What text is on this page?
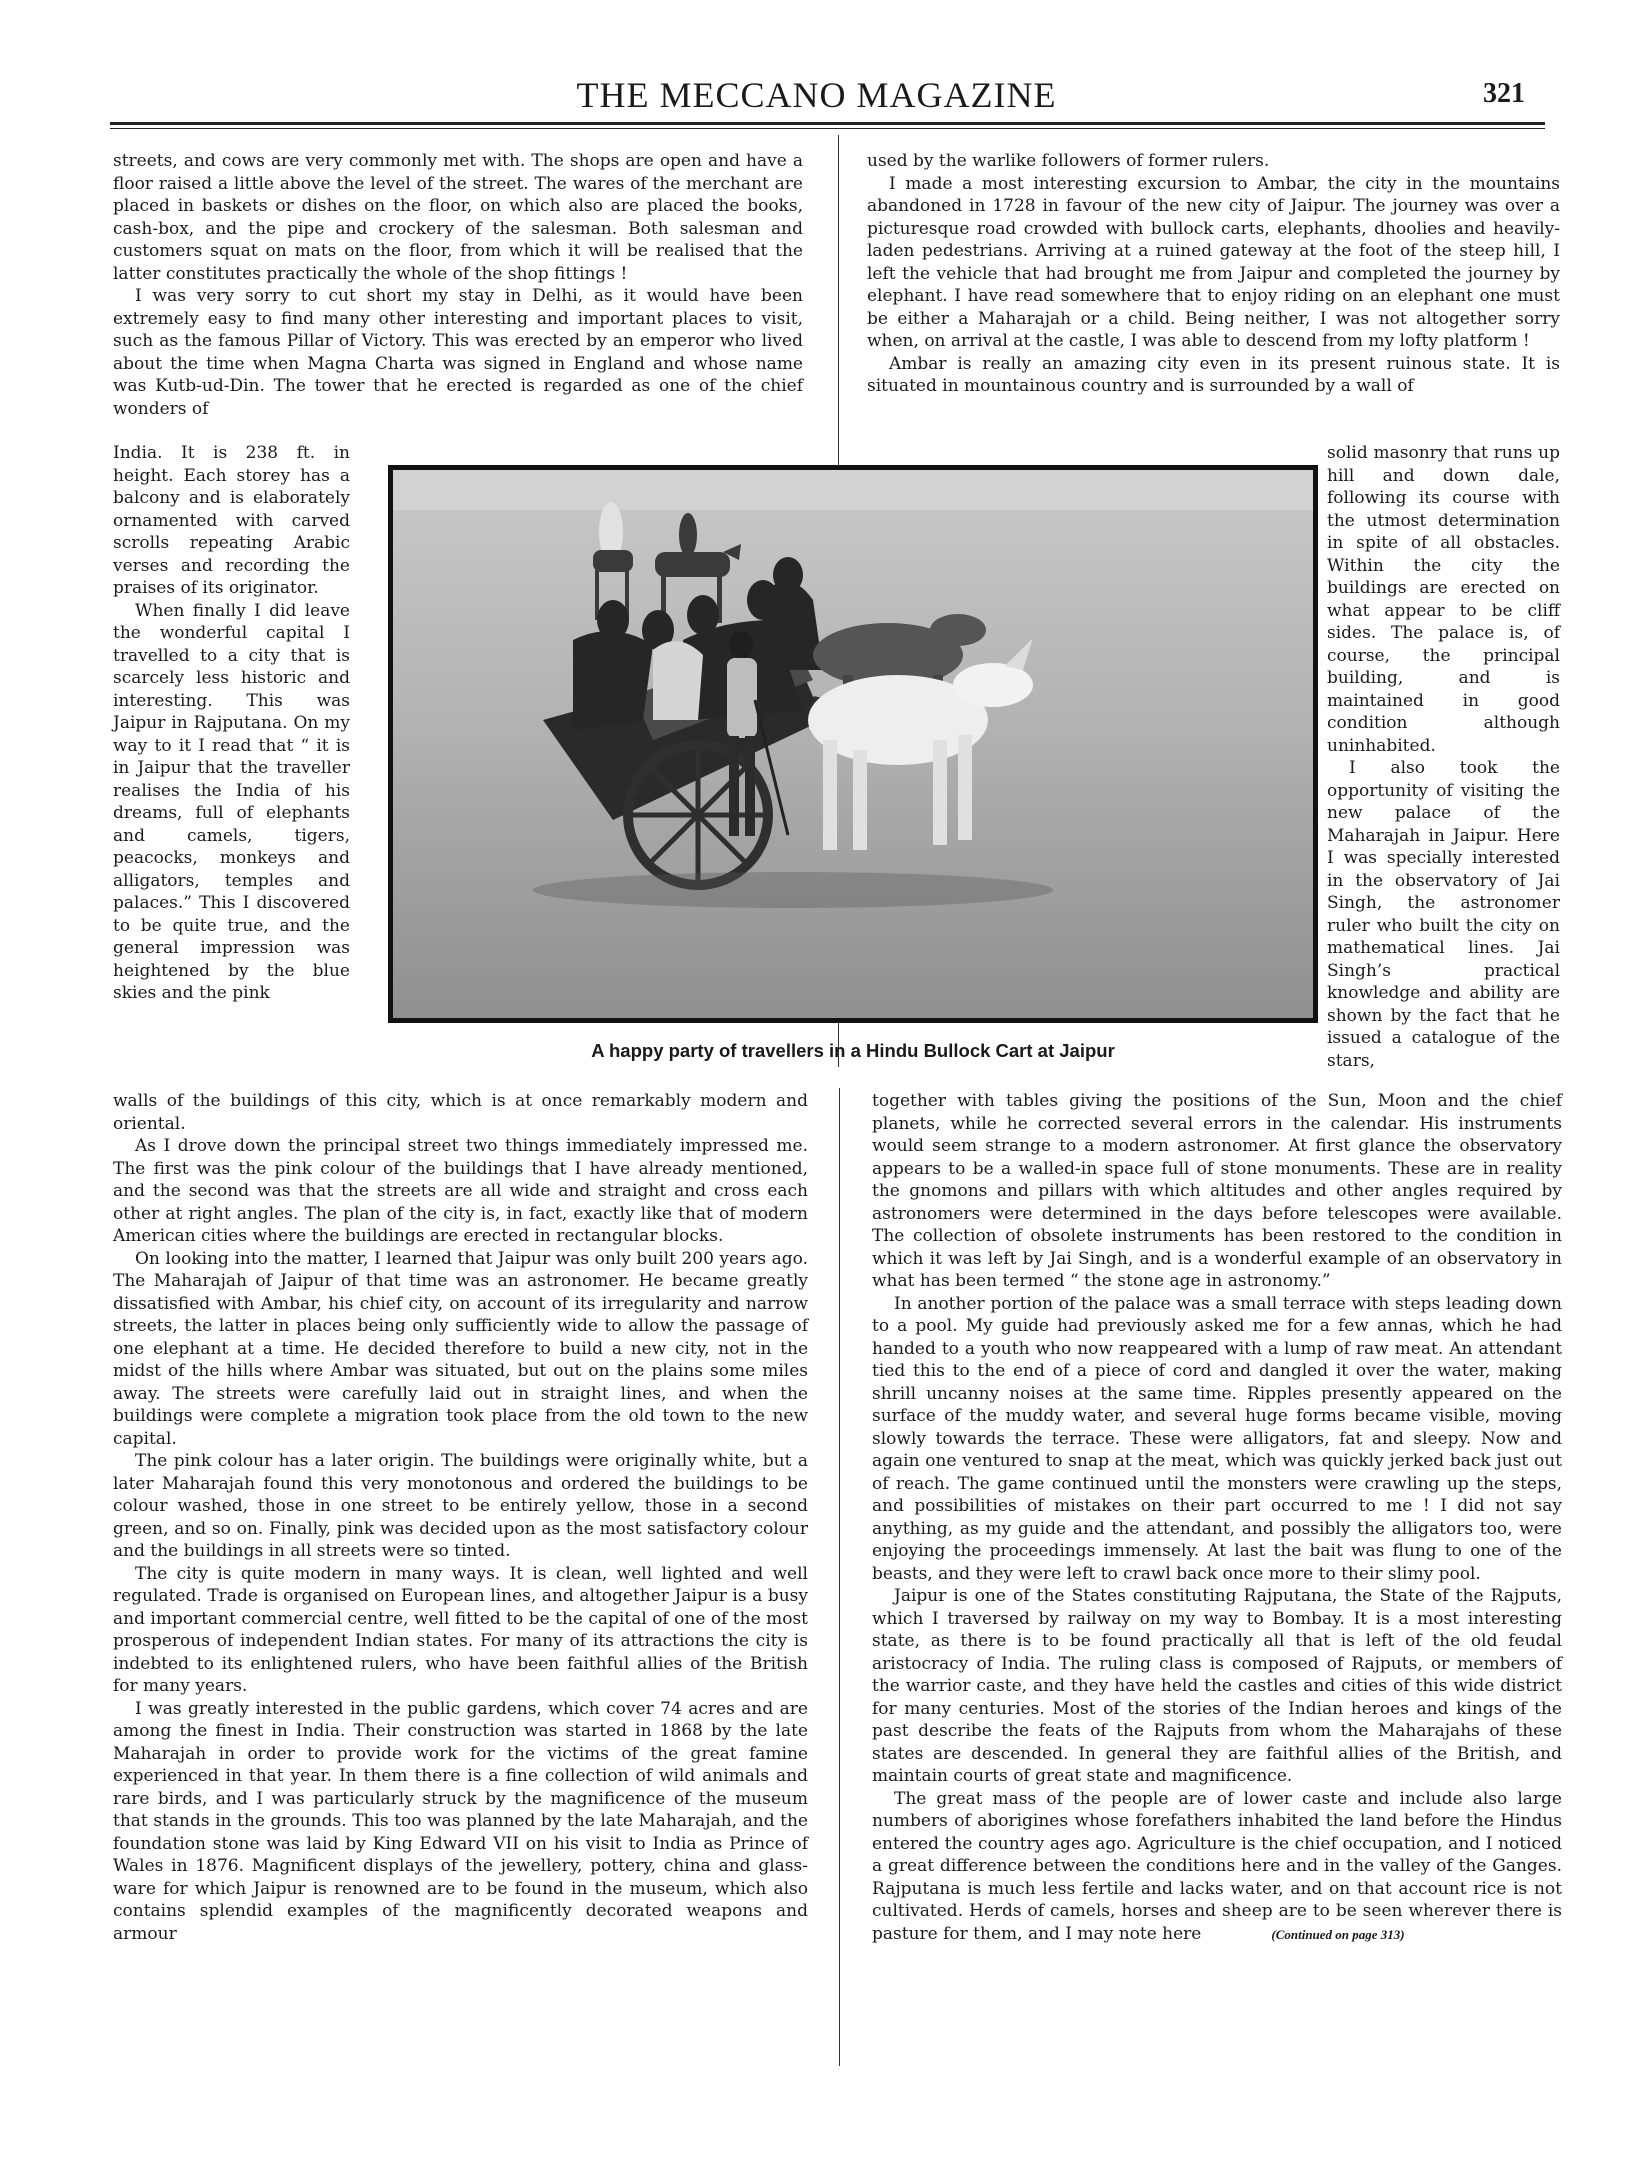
THE MECCANO MAGAZINE	321

streets, and cows are very commonly met with. The shops are open and have a floor raised a little above the level of the street. The wares of the merchant are placed in baskets or dishes on the floor, on which also are placed the books, cash-box, and the pipe and crockery of the salesman. Both salesman and customers squat on mats on the floor, from which it will be realised that the latter constitutes practically the whole of the shop fittings !

I was very sorry to cut short my stay in Delhi, as it would have been extremely easy to find many other interesting and important places to visit, such as the famous Pillar of Victory. This was erected by an emperor who lived about the time when Magna Charta was signed in England and whose name was Kutb-ud-Din. The tower that he erected is regarded as one of the chief wonders of

India. It is 238 ft. in height. Each storey has a balcony and is elaborately ornamented with carved scrolls repeating Arabic verses and recording the praises of its originator.

When finally I did leave the wonderful capital I travelled to a city that is scarcely less historic and interesting. This was Jaipur in Rajputana. On my way to it I read that “ it is in Jaipur that the traveller realises the India of his dreams, full of elephants and camels, tigers, peacocks, monkeys and alligators, temples and palaces.” This I discovered to be quite true, and the general impression was heightened by the blue skies and the pink

walls of the buildings of this city, which is at once remarkably modern and oriental.

As I drove down the principal street two things immediately impressed me. The first was the pink colour of the buildings that I have already mentioned, and the second was that the streets are all wide and straight and cross each other at right angles. The plan of the city is, in fact, exactly like that of modern American cities where the buildings are erected in rectangular blocks.

On looking into the matter, I learned that Jaipur was only built 200 years ago. The Maharajah of Jaipur of that time was an astronomer. He became greatly dissatisfied with Ambar, his chief city, on account of its irregularity and narrow streets, the latter in places being only sufficiently wide to allow the passage of one elephant at a time. He decided therefore to build a new city, not in the midst of the hills where Ambar was situated, but out on the plains some miles away. The streets were carefully laid out in straight lines, and when the buildings were complete a migration took place from the old town to the new capital.

The pink colour has a later origin. The buildings were originally white, but a later Maharajah found this very monotonous and ordered the buildings to be colour washed, those in one street to be entirely yellow, those in a second green, and so on. Finally, pink was decided upon as the most satisfactory colour and the buildings in all streets were so tinted.

The city is quite modern in many ways. It is clean, well lighted and well regulated. Trade is organised on European lines, and altogether Jaipur is a busy and important commercial centre, well fitted to be the capital of one of the most prosperous of independent Indian states. For many of its attractions the city is indebted to its enlightened rulers, who have been faithful allies of the British for many years.

I was greatly interested in the public gardens, which cover 74 acres and are among the finest in India. Their construction was started in 1868 by the late Maharajah in order to provide work for the victims of the great famine experienced in that year. In them there is a fine collection of wild animals and rare birds, and I was particularly struck by the magnificence of the museum that stands in the grounds. This too was planned by the late Maharajah, and the foundation stone was laid by King Edward VII on his visit to India as Prince of Wales in 1876. Magnificent displays of the jewellery, pottery, china and glass-ware for which Jaipur is renowned are to be found in the museum, which also contains splendid examples of the magnificently decorated weapons and armour

used by the warlike followers of former rulers.

I made a most interesting excursion to Ambar, the city in the mountains abandoned in 1728 in favour of the new city of Jaipur. The journey was over a picturesque road crowded with bullock carts, elephants, dhoolies and heavily-laden pedestrians. Arriving at a ruined gateway at the foot of the steep hill, I left the vehicle that had brought me from Jaipur and completed the journey by elephant. I have read somewhere that to enjoy riding on an elephant one must be either a Maharajah or a child. Being neither, I was not altogether sorry when, on arrival at the castle, I was able to descend from my lofty platform !

Ambar is really an amazing city even in its present ruinous state. It is situated in mountainous country and is surrounded by a wall of

solid masonry that runs up hill and down dale, following its course with the utmost determination in spite of all obstacles. Within the city the buildings are erected on what appear to be cliff sides. The palace is, of course, the principal building, and is maintained in good condition although uninhabited.

I also took the opportunity of visiting the new palace of the Maharajah in Jaipur. Here I was specially interested in the observatory of Jai Singh, the astronomer ruler who built the city on mathematical lines. Jai Singh’s practical knowledge and ability are shown by the fact that he issued a catalogue of the stars,

together with tables giving the positions of the Sun, Moon and the chief planets, while he corrected several errors in the calendar. His instruments would seem strange to a modern astronomer. At first glance the observatory appears to be a walled-in space full of stone monuments. These are in reality the gnomons and pillars with which altitudes and other angles required by astronomers were determined in the days before telescopes were available. The collection of obsolete instruments has been restored to the condition in which it was left by Jai Singh, and is a wonderful example of an observatory in what has been termed “ the stone age in astronomy.”

In another portion of the palace was a small terrace with steps leading down to a pool. My guide had previously asked me for a few annas, which he had handed to a youth who now reappeared with a lump of raw meat. An attendant tied this to the end of a piece of cord and dangled it over the water, making shrill uncanny noises at the same time. Ripples presently appeared on the surface of the muddy water, and several huge forms became visible, moving slowly towards the terrace. These were alligators, fat and sleepy. Now and again one ventured to snap at the meat, which was quickly jerked back just out of reach. The game continued until the monsters were crawling up the steps, and possibilities of mistakes on their part occurred to me ! I did not say anything, as my guide and the attendant, and possibly the alligators too, were enjoying the proceedings immensely. At last the bait was flung to one of the beasts, and they were left to crawl back once more to their slimy pool.

Jaipur is one of the States constituting Rajputana, the State of the Rajputs, which I traversed by railway on my way to Bombay. It is a most interesting state, as there is to be found practically all that is left of the old feudal aristocracy of India. The ruling class is composed of Rajputs, or members of the warrior caste, and they have held the castles and cities of this wide district for many centuries. Most of the stories of the Indian heroes and kings of the past describe the feats of the Rajputs from whom the Maharajahs of these states are descended. In general they are faithful allies of the British, and maintain courts of great state and magnificence.

The great mass of the people are of lower caste and include also large numbers of aborigines whose forefathers inhabited the land before the Hindus entered the country ages ago. Agriculture is the chief occupation, and I noticed a great difference between the conditions here and in the valley of the Ganges. Rajputana is much less fertile and lacks water, and on that account rice is not cultivated. Herds of camels, horses and sheep are to be seen wherever there is pasture for them, and I may note here	(Continued on page 313)

A happy party of travellers in a Hindu Bullock Cart at Jaipur
